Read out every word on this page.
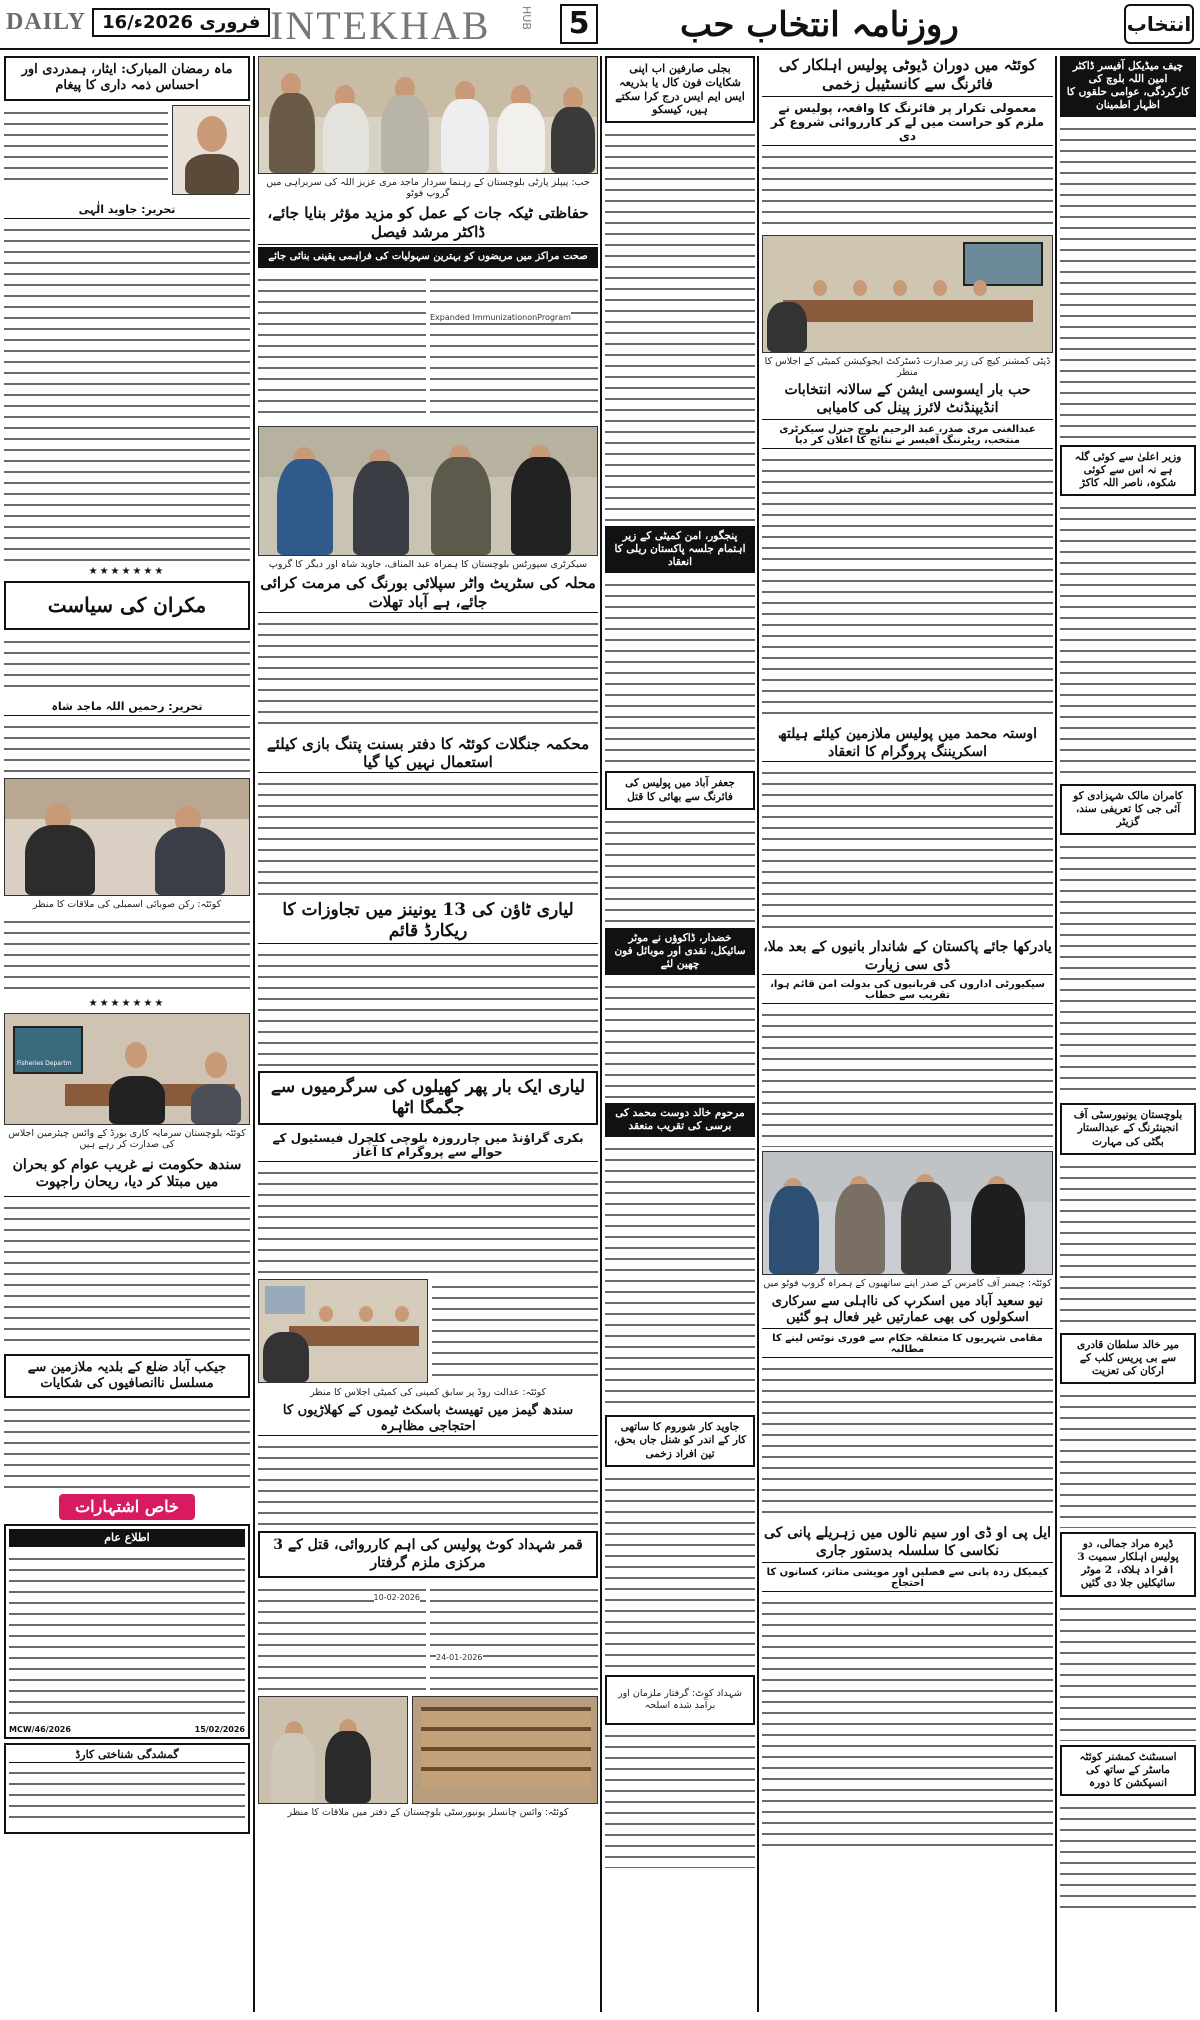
DAILY 16/فروری 2026ء INTEKHAB	HUB 5	روزنامہ انتخاب حب	انتخاب
ماہ رمضان المبارک: ایثار، ہمدردی اور احساس ذمہ داری کا پیغام
تحریر: جاوید الٰہی
★★★★★★★
مکران کی سیاست
تحریر: رحمیں اللہ ماجد شاہ
کوئٹہ: رکن صوبائی اسمبلی کی ملاقات کا منظر
★★★★★★★
Fisheries Departm
کوئٹہ بلوچستان سرمایہ کاری بورڈ کے وائس چیئرمین اجلاس کی صدارت کر رہے ہیں
سندھ حکومت نے غریب عوام کو بحران میں مبتلا کر دیا، ریحان راجپوت
جیکب آباد ضلع کے بلدیہ ملازمین سے مسلسل ناانصافیوں کی شکایات
خاص اشتہارات
اطلاع عام
MCW/46/2026	15/02/2026
گمشدگی شناختی کارڈ
حب: پیپلز پارٹی بلوچستان کے رہنما سردار ماجد مری عزیز اللہ کی سربراہی میں گروپ فوٹو
حفاظتی ٹیکہ جات کے عمل کو مزید مؤثر بنایا جائے، ڈاکٹر مرشد فیصل
صحت مراکز میں مریضوں کو بہترین سہولیات کی فراہمی یقینی بنائی جائے
Expanded ImmunizationonProgram
سیکرٹری سپورٹس بلوچستان کا ہمراہ عبد المناف، جاوید شاہ اور دیگر کا گروپ
محلہ کی سٹریٹ واٹر سپلائی بورنگ کی مرمت کرائی جائے، ہے آباد تھلات
محکمہ جنگلات کوئٹہ کا دفتر بسنت پتنگ بازی کیلئے استعمال نہیں کیا گیا
لیاری ٹاؤن کی 13 یونینز میں تجاوزات کا ریکارڈ قائم
لیاری ایک بار پھر کھیلوں کی سرگرمیوں سے جگمگا اٹھا
بکری گراؤنڈ میں چارروزہ بلوچی کلچرل فیسٹیول کے حوالے سے پروگرام کا آغاز
کوئٹہ: عدالت روڈ پر سابق کمپنی کی کمیٹی اجلاس کا منظر
سندھ گیمز میں تھیسٹ باسکٹ ٹیموں کے کھلاڑیوں کا احتجاجی مظاہرہ
قمر شہداد کوٹ پولیس کی اہم کارروائی، قتل کے 3 مرکزی ملزم گرفتار
10-02-2026
24-01-2026
کوئٹہ: وائس چانسلر یونیورسٹی بلوچستان کے دفتر میں ملاقات کا منظر
بجلی صارفین اب اپنی شکایات فون کال یا بذریعہ ایس ایم ایس درج کرا سکتے ہیں، کیسکو
پنجگور، امن کمیٹی کے زیر اہتمام جلسہ پاکستان ریلی کا انعقاد
جعفر آباد میں پولیس کی فائرنگ سے بھائی کا قتل
خضدار، ڈاکوؤں نے موٹر سائیکل، نقدی اور موبائل فون چھین لئے
مرحوم خالد دوست محمد کی برسی کی تقریب منعقد
جاوید کار شوروم کا ساتھی کار کے اندر کو شنل جاں بحق، تین افراد زخمی
شہداد کوٹ: گرفتار ملزمان اور برآمد شدہ اسلحہ
کوئٹہ میں دوران ڈیوٹی پولیس اہلکار کی فائرنگ سے کانسٹیبل زخمی
معمولی تکرار پر فائرنگ کا واقعہ، پولیس نے ملزم کو حراست میں لے کر کارروائی شروع کر دی
ڈپٹی کمشنر کیچ کی زیر صدارت ڈسٹرکٹ ایجوکیشن کمیٹی کے اجلاس کا منظر
حب بار ایسوسی ایشن کے سالانہ انتخابات انڈیپنڈنٹ لائرز پینل کی کامیابی
عبدالغنی مری صدر، عبد الرحیم بلوچ جنرل سیکرٹری منتخب، ریٹرننگ آفیسر نے نتائج کا اعلان کر دیا
اوستہ محمد میں پولیس ملازمین کیلئے ہیلتھ اسکریننگ پروگرام کا انعقاد
یادرکھا جائے پاکستان کے شاندار بانیوں کے بعد ملا، ڈی سی زیارت
سیکیورٹی اداروں کی قربانیوں کی بدولت امن قائم ہوا، تقریب سے خطاب
کوئٹہ: چیمبر آف کامرس کے صدر اپنے ساتھیوں کے ہمراہ گروپ فوٹو میں
نیو سعید آباد میں اسکرپ کی نااہلی سے سرکاری اسکولوں کی بھی عمارتیں غیر فعال ہو گئیں
مقامی شہریوں کا متعلقہ حکام سے فوری نوٹس لینے کا مطالبہ
ایل پی او ڈی اور سیم نالوں میں زہریلے پانی کی نکاسی کا سلسلہ بدستور جاری
کیمیکل زدہ پانی سے فصلیں اور مویشی متاثر، کسانوں کا احتجاج
چیف میڈیکل آفیسر ڈاکٹر امین اللہ بلوچ کی کارکردگی، عوامی حلقوں کا اظہار اطمینان
وزیر اعلیٰ سے کوئی گلہ ہے نہ اس سے کوئی شکوہ، ناصر اللہ کاکڑ
کامران مالک شہزادی کو آئی جی کا تعریفی سند، گزیٹر
بلوچستان یونیورسٹی آف انجینئرنگ کے عبدالستار بگٹی کی مہارت
میر خالد سلطان قادری سے بی پریس کلب کے ارکان کی تعزیت
ڈیرہ مراد جمالی، دو پولیس اہلکار سمیت 3 افراد ہلاک، 2 موٹر سائیکلیں جلا دی گئیں
اسسٹنٹ کمشنر کوئٹہ ماسٹر کے ساتھ کی انسپکشن کا دورہ
